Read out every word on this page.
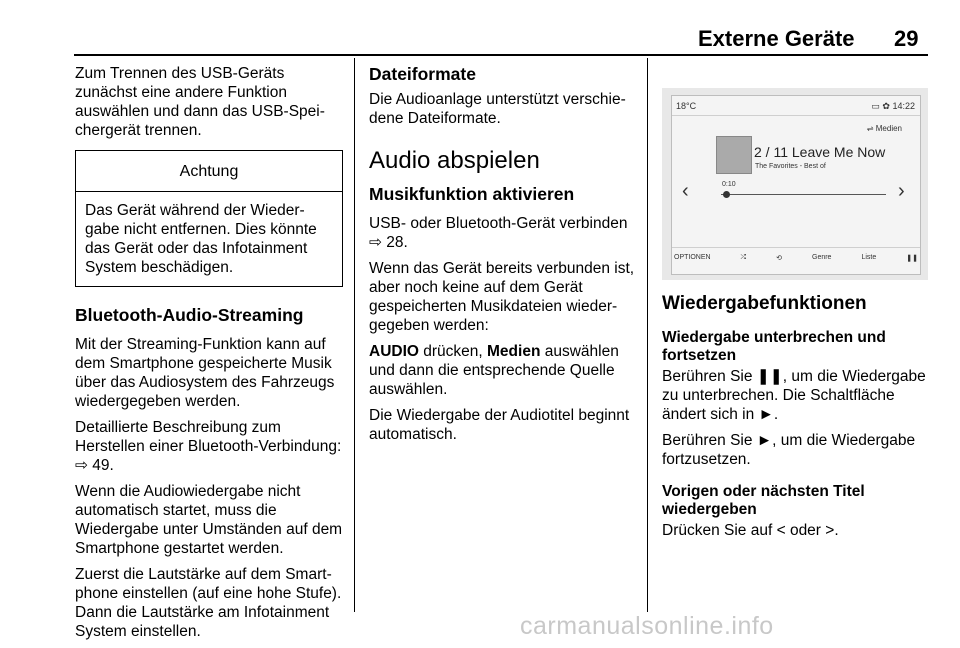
Externe Geräte 29

Zum Trennen des USB-Geräts zunächst eine andere Funktion auswählen und dann das USB-Speichergerät trennen.

Achtung
Das Gerät während der Wiedergabe nicht entfernen. Dies könnte das Gerät oder das Infotainment System beschädigen.
Bluetooth-Audio-Streaming

Mit der Streaming-Funktion kann auf dem Smartphone gespeicherte Musik über das Audiosystem des Fahrzeugs wiedergegeben werden.

Detaillierte Beschreibung zum Herstellen einer Bluetooth-Verbindung: ⇨ 49.

Wenn die Audiowiedergabe nicht automatisch startet, muss die Wiedergabe unter Umständen auf dem Smartphone gestartet werden.

Zuerst die Lautstärke auf dem Smartphone einstellen (auf eine hohe Stufe). Dann die Lautstärke am Infotainment System einstellen.

Dateiformate

Die Audioanlage unterstützt verschiedene Dateiformate.

Audio abspielen
Musikfunktion aktivieren

USB- oder Bluetooth-Gerät verbinden ⇨ 28.

Wenn das Gerät bereits verbunden ist, aber noch keine auf dem Gerät gespeicherten Musikdateien wiedergegeben werden:

AUDIO drücken, Medien auswählen und dann die entsprechende Quelle auswählen.

Die Wiedergabe der Audiotitel beginnt automatisch.

18°C	▭ ✿ 14:22
⇌ Medien
2 / 11 Leave Me Now
The Favorites - Best of
0:10
‹	›
OPTIONEN	⤮	⟲	Genre	Liste	❚❚
Wiedergabefunktionen
Wiedergabe unterbrechen und fortsetzen

Berühren Sie ❚❚, um die Wiedergabe zu unterbrechen. Die Schaltfläche ändert sich in ►.

Berühren Sie ►, um die Wiedergabe fortzusetzen.

Vorigen oder nächsten Titel wiedergeben

Drücken Sie auf < oder >.

carmanualsonline.info
